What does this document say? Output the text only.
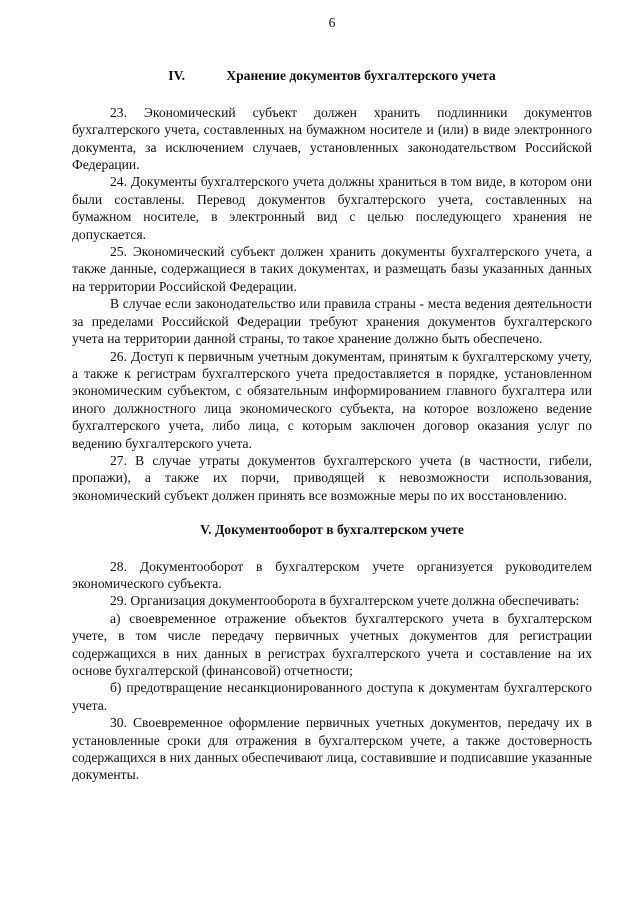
6
IV.	Хранение документов бухгалтерского учета

23. Экономический субъект должен хранить подлинники документов бухгалтерского учета, составленных на бумажном носителе и (или) в виде электронного документа, за исключением случаев, установленных законодательством Российской Федерации.

24. Документы бухгалтерского учета должны храниться в том виде, в котором они были составлены. Перевод документов бухгалтерского учета, составленных на бумажном носителе, в электронный вид с целью последующего хранения не допускается.

25. Экономический субъект должен хранить документы бухгалтерского учета, а также данные, содержащиеся в таких документах, и размещать базы указанных данных на территории Российской Федерации.

В случае если законодательство или правила страны - места ведения деятельности за пределами Российской Федерации требуют хранения документов бухгалтерского учета на территории данной страны, то такое хранение должно быть обеспечено.

26. Доступ к первичным учетным документам, принятым к бухгалтерскому учету, а также к регистрам бухгалтерского учета предоставляется в порядке, установленном экономическим субъектом, с обязательным информированием главного бухгалтера или иного должностного лица экономического субъекта, на которое возложено ведение бухгалтерского учета, либо лица, с которым заключен договор оказания услуг по ведению бухгалтерского учета.

27. В случае утраты документов бухгалтерского учета (в частности, гибели, пропажи), а также их порчи, приводящей к невозможности использования, экономический субъект должен принять все возможные меры по их восстановлению.

V. Документооборот в бухгалтерском учете

28. Документооборот в бухгалтерском учете организуется руководителем экономического субъекта.

29. Организация документооборота в бухгалтерском учете должна обеспечивать:

а) своевременное отражение объектов бухгалтерского учета в бухгалтерском учете, в том числе передачу первичных учетных документов для регистрации содержащихся в них данных в регистрах бухгалтерского учета и составление на их основе бухгалтерской (финансовой) отчетности;

б) предотвращение несанкционированного доступа к документам бухгалтерского учета.

30. Своевременное оформление первичных учетных документов, передачу их в установленные сроки для отражения в бухгалтерском учете, а также достоверность содержащихся в них данных обеспечивают лица, составившие и подписавшие указанные документы.
